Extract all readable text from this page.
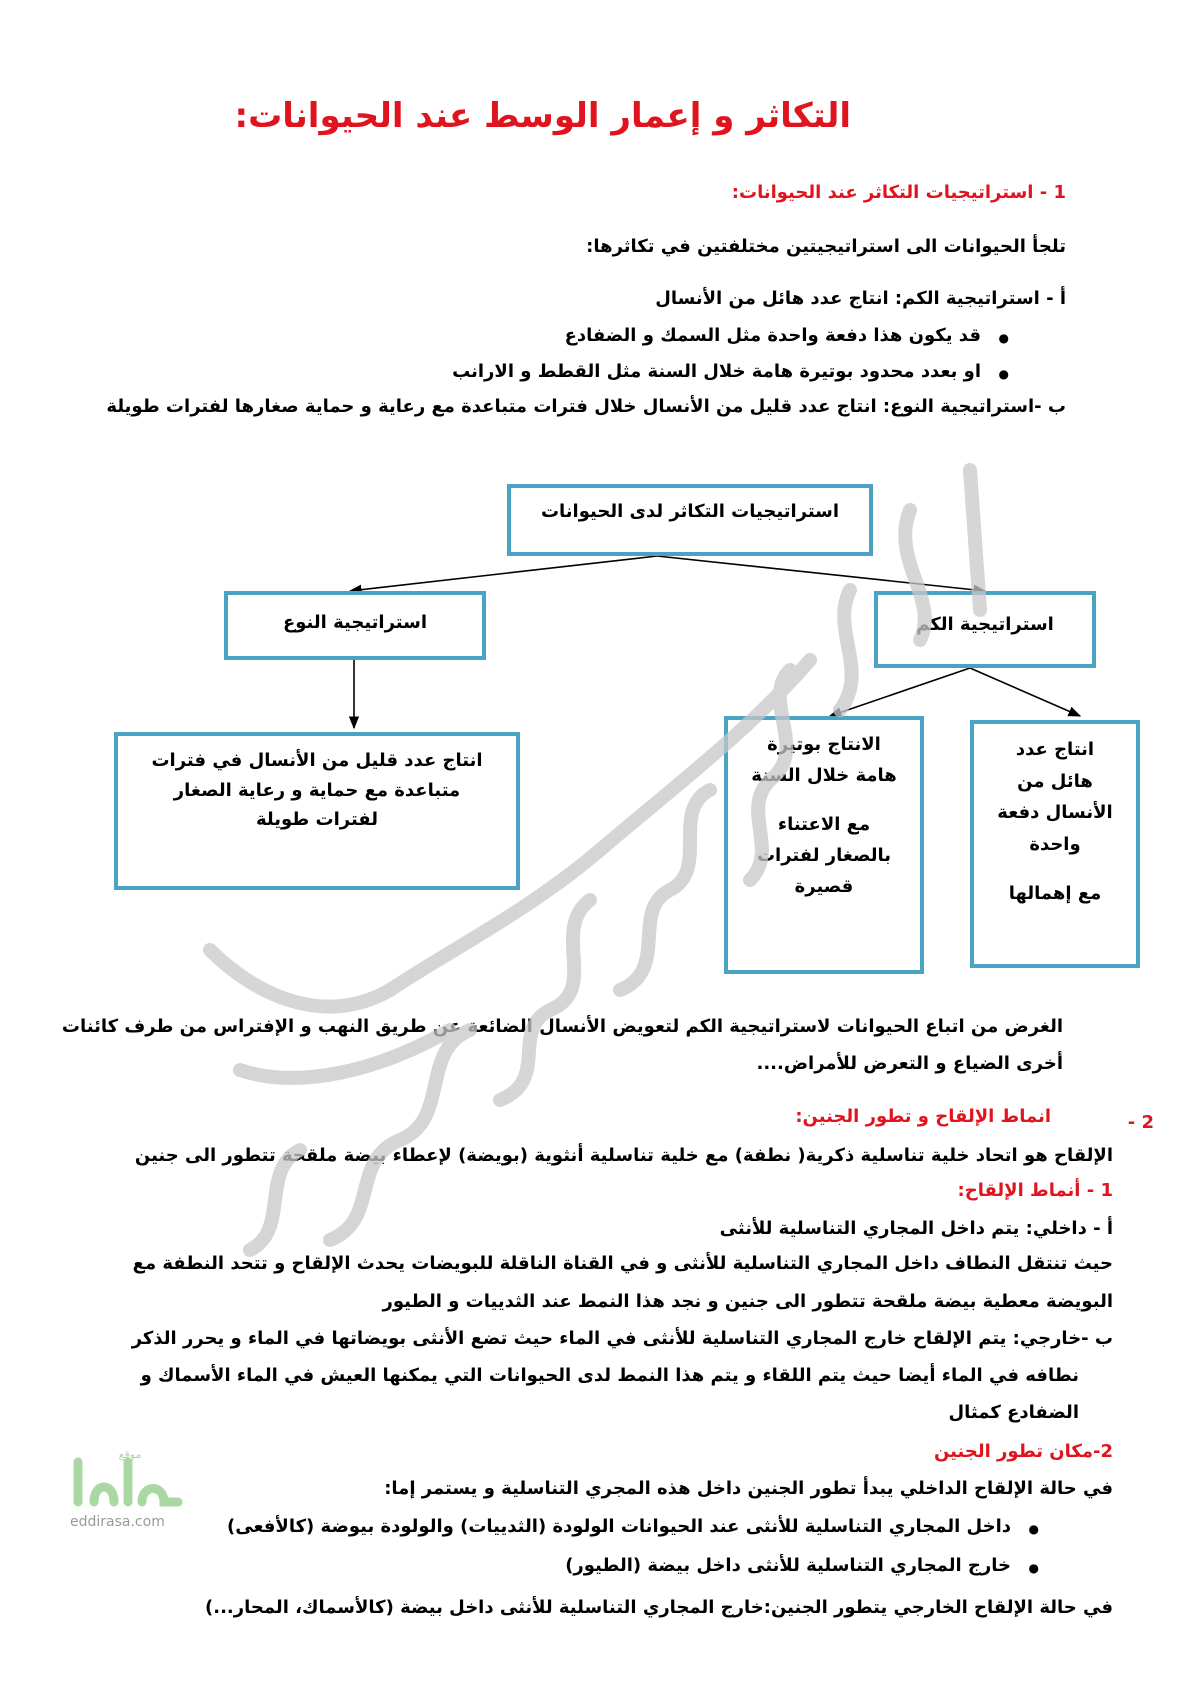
التكاثر و إعمار الوسط عند الحيوانات:
1 - استراتيجيات التكاثر عند الحيوانات:
تلجأ الحيوانات الى استراتيجيتين مختلفتين في تكاثرها:
أ - استراتيجية الكم: انتاج عدد هائل من الأنسال
● قد يكون هذا دفعة واحدة مثل السمك و الضفادع
● او بعدد محدود بوتيرة هامة خلال السنة مثل القطط و الارانب
ب -استراتيجية النوع: انتاج عدد قليل من الأنسال خلال فترات متباعدة مع رعاية و حماية صغارها لفترات طويلة
استراتيجيات التكاثر لدى الحيوانات
استراتيجية النوع	استراتيجية الكم
انتاج عدد قليل من الأنسال في فترات
متباعدة مع حماية و رعاية الصغار
لفترات طويلة
الانتاج بوتيرة
هامة خلال السنة
مع الاعتناء
بالصغار لفترات
قصيرة
انتاج عدد
هائل من
الأنسال دفعة
واحدة
مع إهمالها
الغرض من اتباع الحيوانات لاستراتيجية الكم لتعويض الأنسال الضائعة عن طريق النهب و الإفتراس من طرف كائنات
أخرى الضياع و التعرض للأمراض....
2 -
انماط الإلقاح و تطور الجنين:
الإلقاح هو اتحاد خلية تناسلية ذكرية( نطفة) مع خلية تناسلية أنثوية (بويضة) لإعطاء بيضة ملقحة تتطور الى جنين
1 - أنماط الإلقاح:
أ - داخلي: يتم داخل المجاري التناسلية للأنثى
حيث تنتقل النطاف داخل المجاري التناسلية للأنثى و في القناة الناقلة للبويضات يحدث الإلقاح و تتحد النطفة مع
البويضة معطية بيضة ملقحة تتطور الى جنين و نجد هذا النمط عند الثدييات و الطيور
ب -خارجي: يتم الإلقاح خارج المجاري التناسلية للأنثى في الماء حيث تضع الأنثى بويضاتها في الماء و يحرر الذكر
نطافه في الماء أيضا حيث يتم اللقاء و يتم هذا النمط لدى الحيوانات التي يمكنها العيش في الماء الأسماك و
الضفادع كمثال
2-مكان تطور الجنين
في حالة الإلقاح الداخلي يبدأ تطور الجنين داخل هذه المجري التناسلية و يستمر إما:
● داخل المجاري التناسلية للأنثى عند الحيوانات الولودة (الثدييات) والولودة بيوضة (كالأفعى)
● خارج المجاري التناسلية للأنثى داخل بيضة (الطيور)
في حالة الإلقاح الخارجي يتطور الجنين:خارج المجاري التناسلية للأنثى داخل بيضة (كالأسماك، المحار...)
موقع
eddirasa.com
